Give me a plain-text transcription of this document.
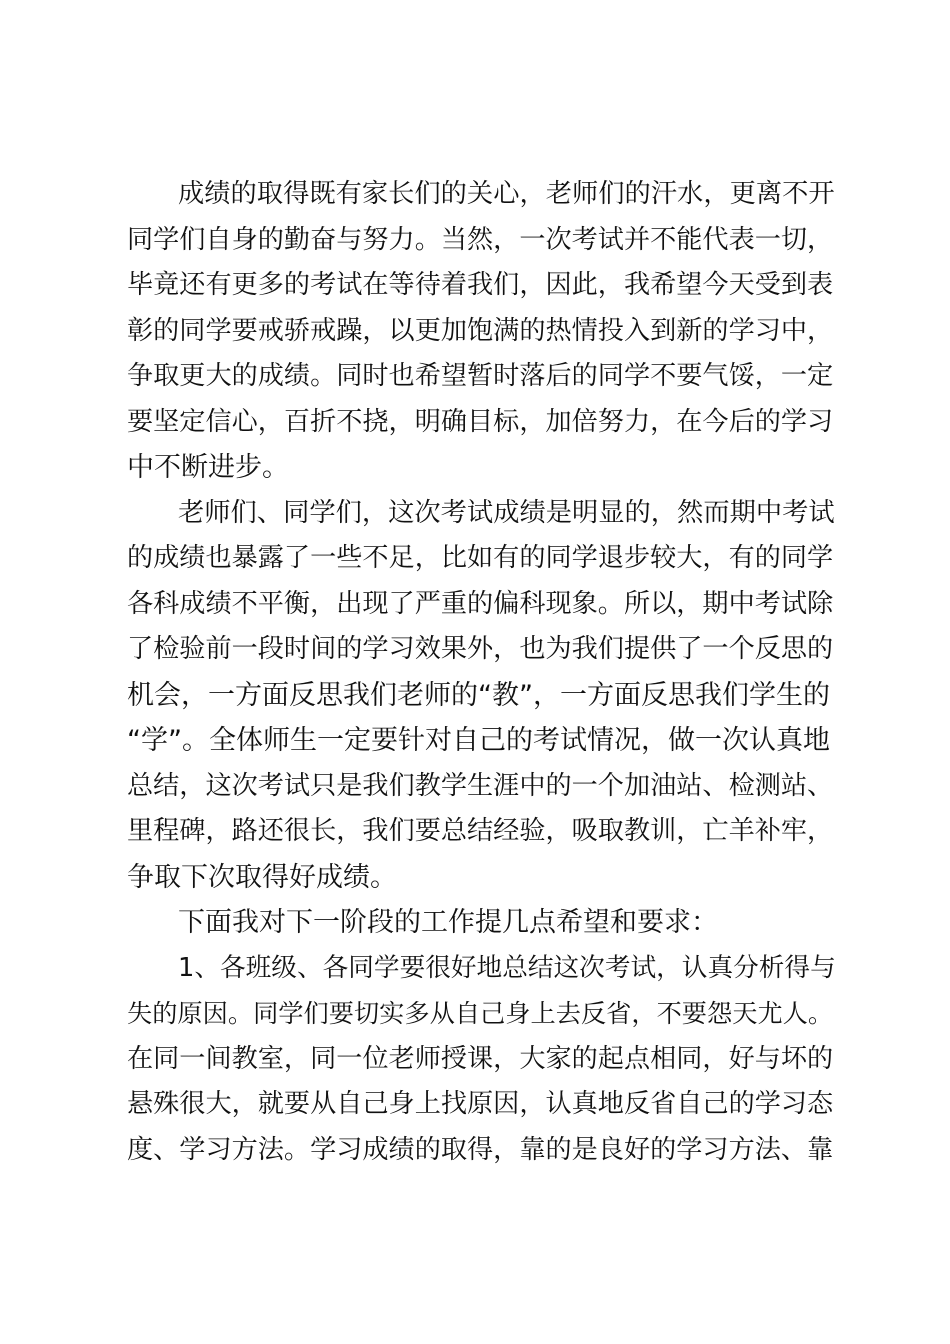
成绩的取得既有家长们的关心，老师们的汗水，更离不开
同学们自身的勤奋与努力。当然，一次考试并不能代表一切，
毕竟还有更多的考试在等待着我们，因此，我希望今天受到表
彰的同学要戒骄戒躁，以更加饱满的热情投入到新的学习中，
争取更大的成绩。同时也希望暂时落后的同学不要气馁，一定
要坚定信心，百折不挠，明确目标，加倍努力，在今后的学习
中不断进步。
老师们、同学们，这次考试成绩是明显的，然而期中考试
的成绩也暴露了一些不足，比如有的同学退步较大，有的同学
各科成绩不平衡，出现了严重的偏科现象。所以，期中考试除
了检验前一段时间的学习效果外，也为我们提供了一个反思的
机会，一方面反思我们老师的“教”，一方面反思我们学生的
“学”。全体师生一定要针对自己的考试情况，做一次认真地
总结，这次考试只是我们教学生涯中的一个加油站、检测站、
里程碑，路还很长，我们要总结经验，吸取教训，亡羊补牢，
争取下次取得好成绩。
下面我对下一阶段的工作提几点希望和要求：
1、各班级、各同学要很好地总结这次考试，认真分析得与
失的原因。同学们要切实多从自己身上去反省，不要怨天尤人。
在同一间教室，同一位老师授课，大家的起点相同，好与坏的
悬殊很大，就要从自己身上找原因，认真地反省自己的学习态
度、学习方法。学习成绩的取得，靠的是良好的学习方法、靠
